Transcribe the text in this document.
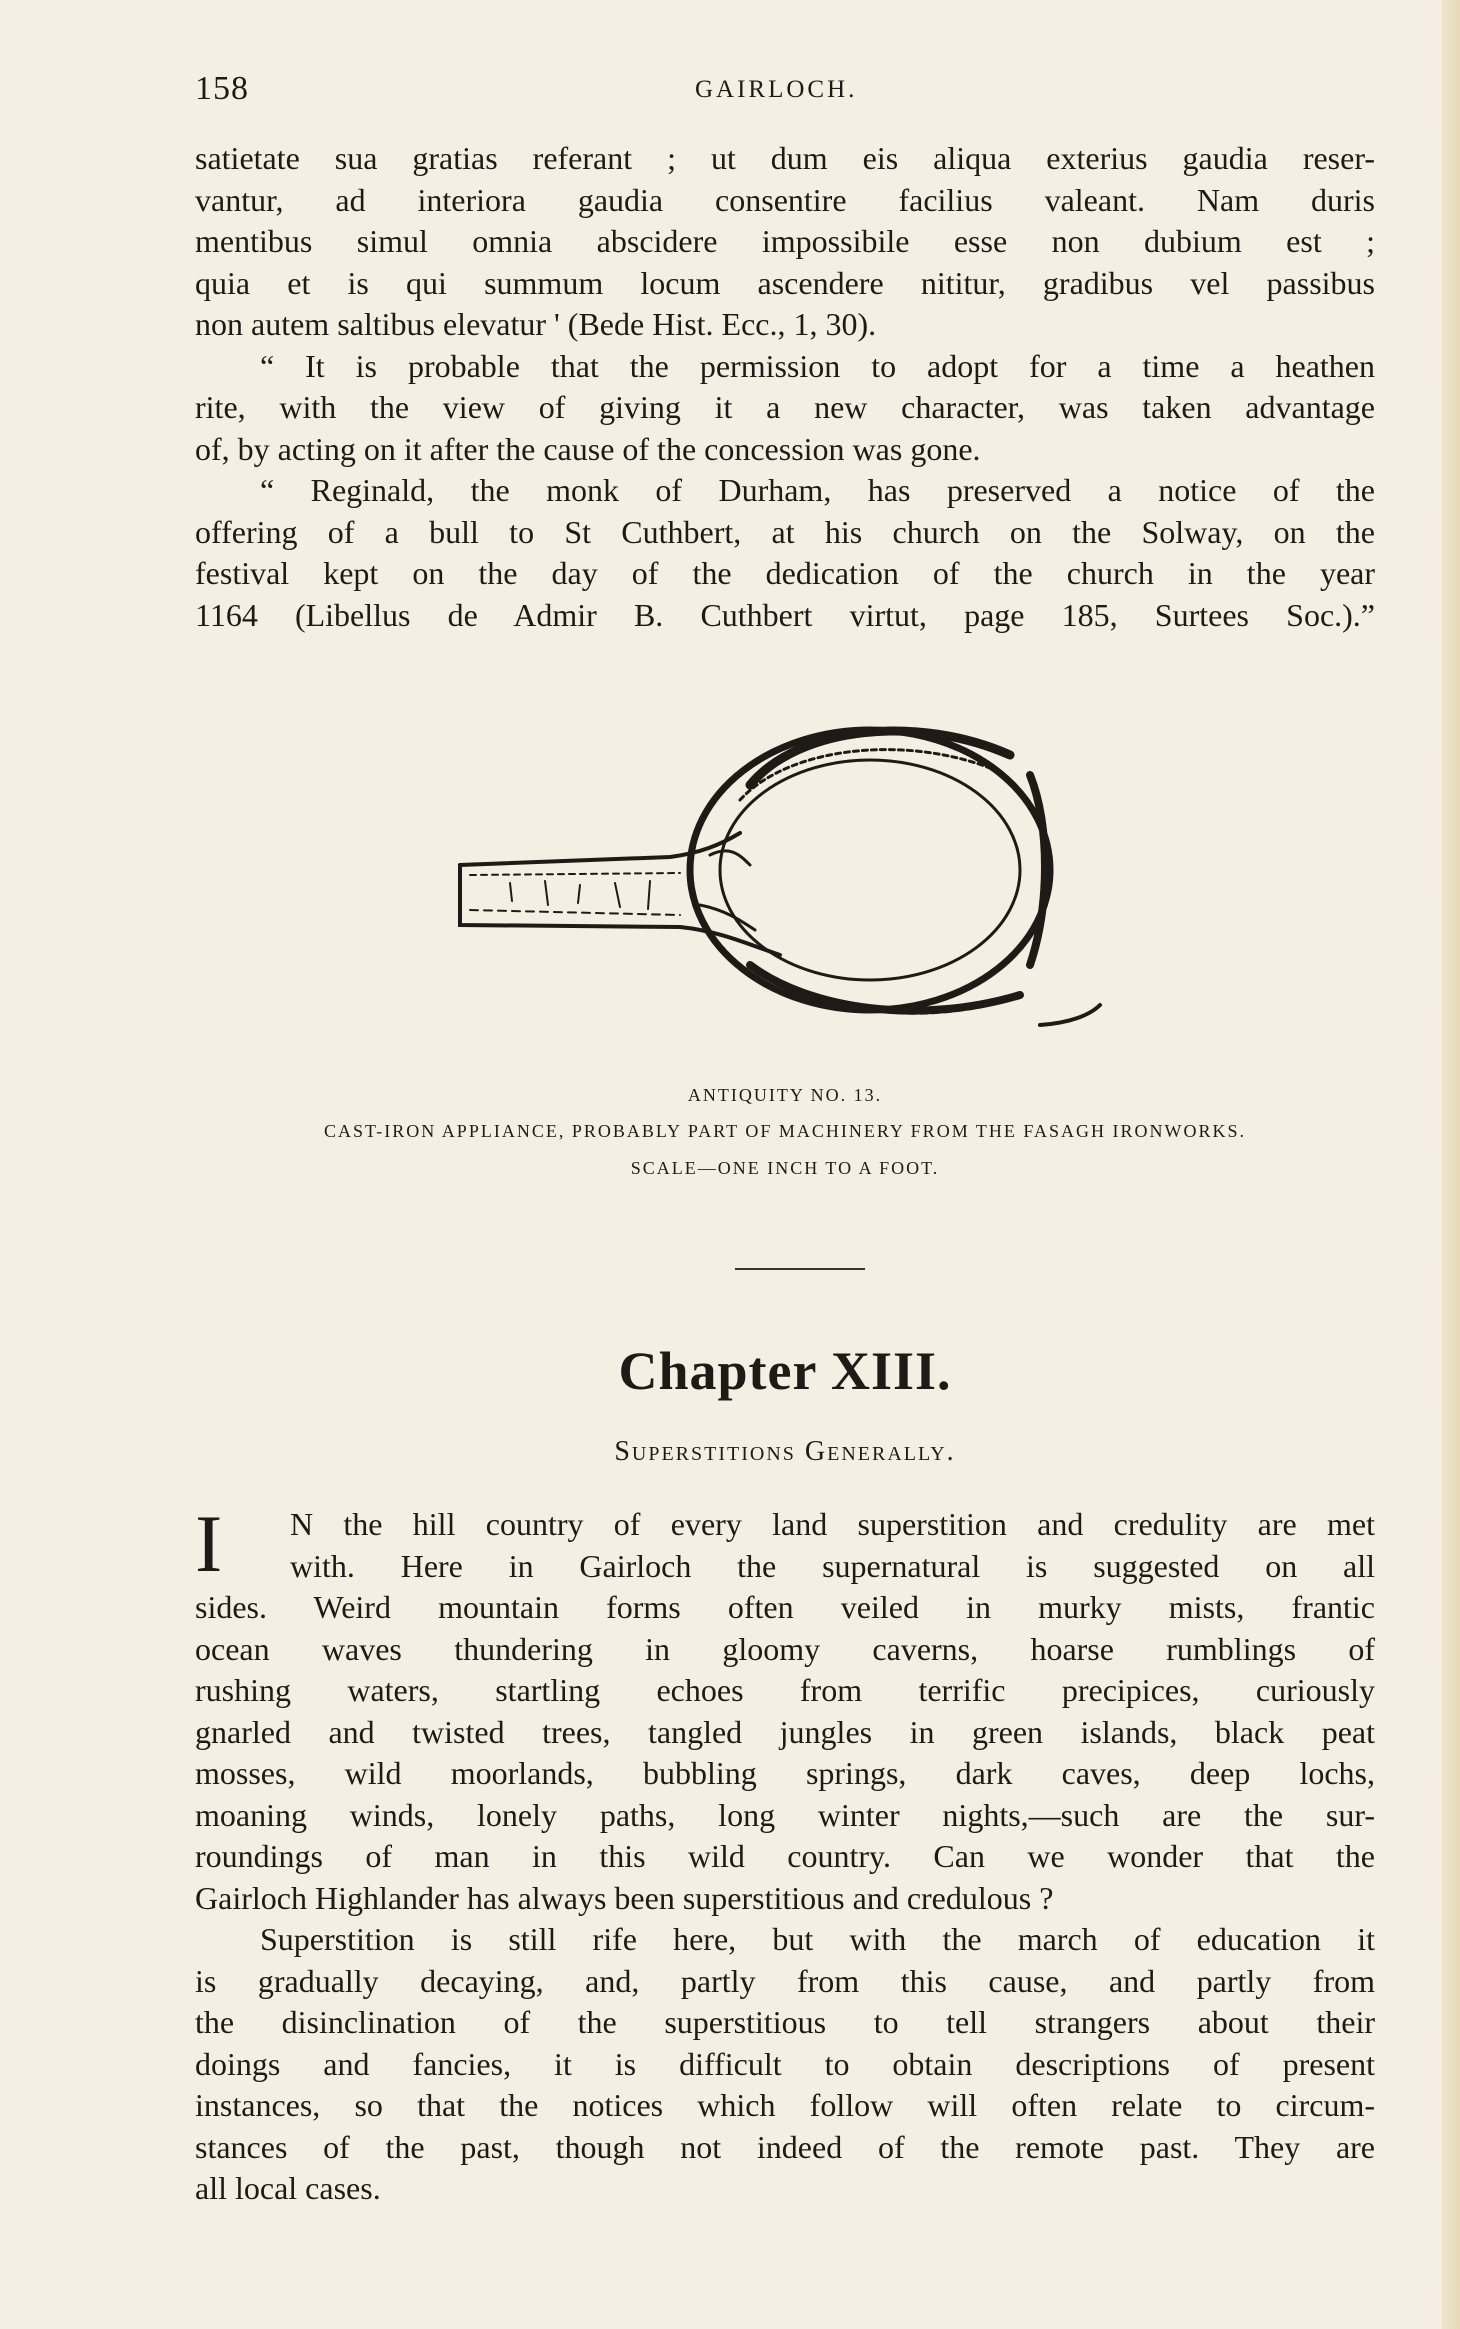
158	GAIRLOCH.
satietate sua gratias referant ; ut dum eis aliqua exterius gaudia reser-
vantur, ad interiora gaudia consentire facilius valeant. Nam duris
mentibus simul omnia abscidere impossibile esse non dubium est ;
quia et is qui summum locum ascendere nititur, gradibus vel passibus
non autem saltibus elevatur ' (Bede Hist. Ecc., 1, 30).
“ It is probable that the permission to adopt for a time a heathen
rite, with the view of giving it a new character, was taken advantage
of, by acting on it after the cause of the concession was gone.
“ Reginald, the monk of Durham, has preserved a notice of the
offering of a bull to St Cuthbert, at his church on the Solway, on the
festival kept on the day of the dedication of the church in the year
1164 (Libellus de Admir B. Cuthbert virtut, page 185, Surtees Soc.).”
ANTIQUITY NO. 13.
CAST-IRON APPLIANCE, PROBABLY PART OF MACHINERY FROM THE FASAGH IRONWORKS.
SCALE—ONE INCH TO A FOOT.
Chapter XIII.
Superstitions Generally.
I	N the hill country of every land superstition and credulity are met
with. Here in Gairloch the supernatural is suggested on all
sides. Weird mountain forms often veiled in murky mists, frantic
ocean waves thundering in gloomy caverns, hoarse rumblings of
rushing waters, startling echoes from terrific precipices, curiously
gnarled and twisted trees, tangled jungles in green islands, black peat
mosses, wild moorlands, bubbling springs, dark caves, deep lochs,
moaning winds, lonely paths, long winter nights,—such are the sur-
roundings of man in this wild country. Can we wonder that the
Gairloch Highlander has always been superstitious and credulous ?
Superstition is still rife here, but with the march of education it
is gradually decaying, and, partly from this cause, and partly from
the disinclination of the superstitious to tell strangers about their
doings and fancies, it is difficult to obtain descriptions of present
instances, so that the notices which follow will often relate to circum-
stances of the past, though not indeed of the remote past. They are
all local cases.
